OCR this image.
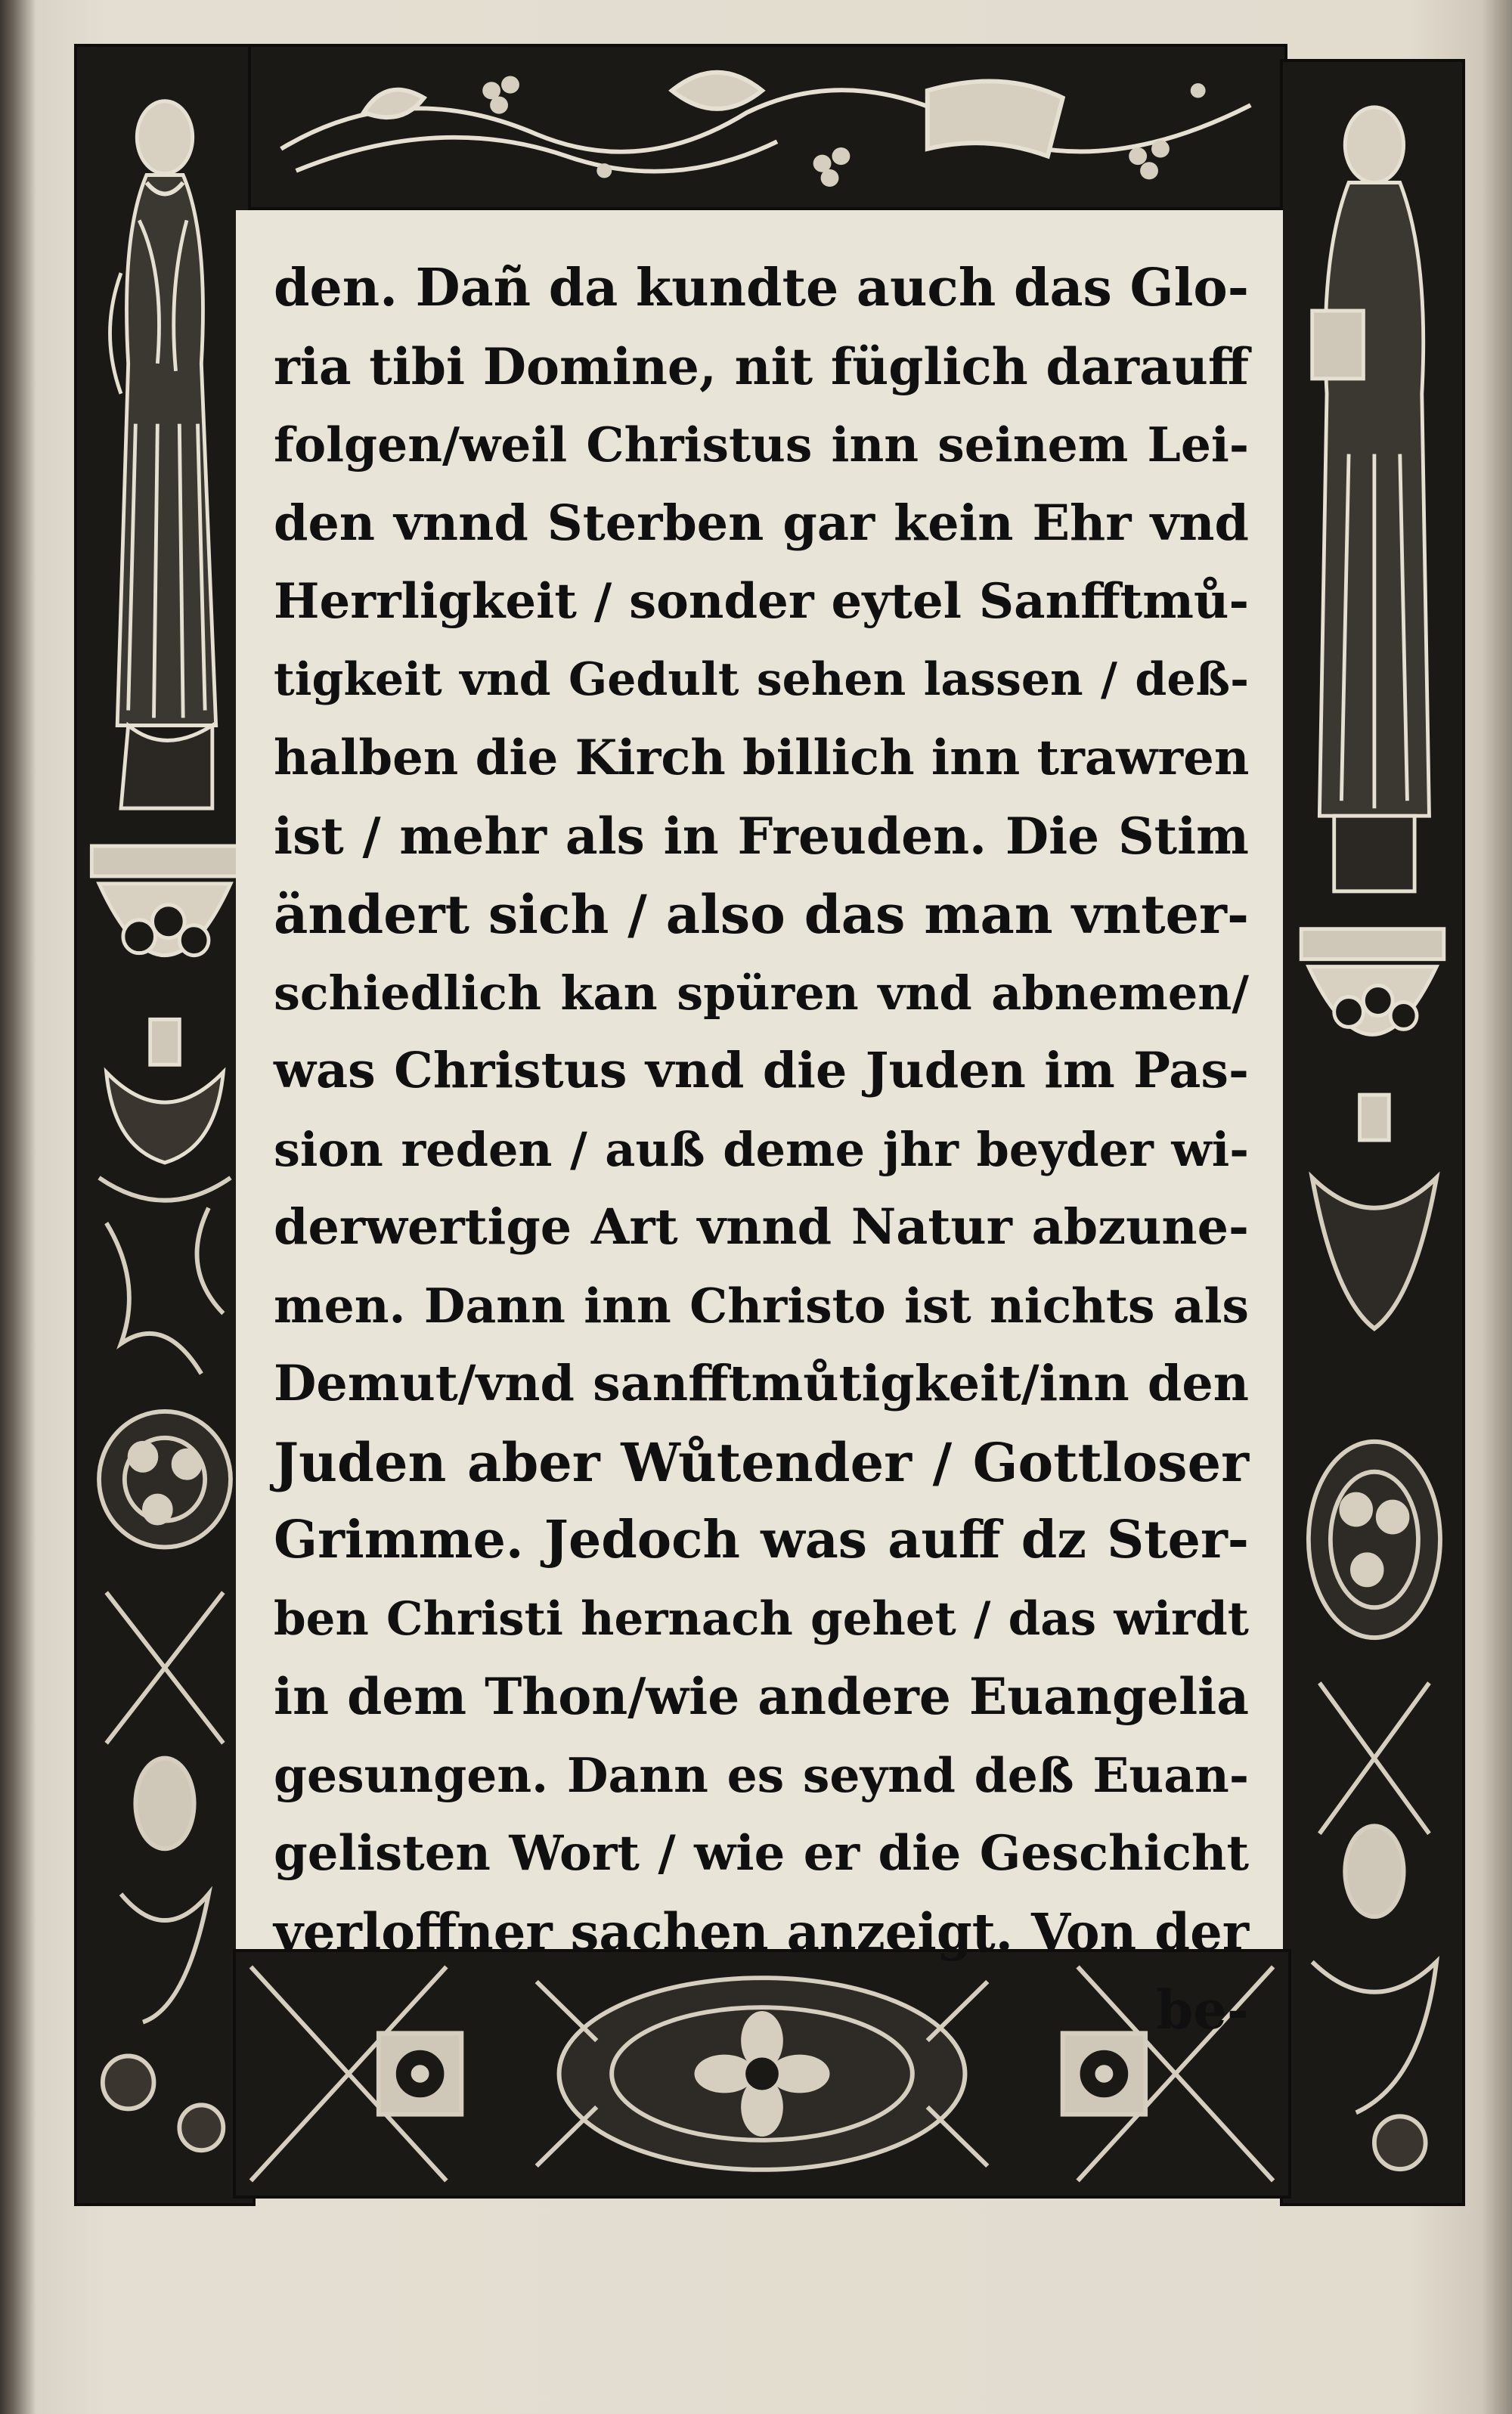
den. Dañ da kundte auch das Glo-
ria tibi Domine, nit füglich darauff
folgen/weil Christus inn seinem Lei-
den vnnd Sterben gar kein Ehr vnd
Herrligkeit / sonder eytel Sanfftmů-
tigkeit vnd Gedult sehen lassen / deß-
halben die Kirch billich inn trawren
ist / mehr als in Freuden. Die Stim
ändert sich / also das man vnter-
schiedlich kan spüren vnd abnemen/
was Christus vnd die Juden im Pas-
sion reden / auß deme jhr beyder wi-
derwertige Art vnnd Natur abzune-
men. Dann inn Christo ist nichts als
Demut/vnd sanfftmůtigkeit/inn den
Juden aber Wůtender / Gottloser
Grimme. Jedoch was auff dz Ster-
ben Christi hernach gehet / das wirdt
in dem Thon/wie andere Euangelia
gesungen. Dann es seynd deß Euan-
gelisten Wort / wie er die Geschicht
verloffner sachen anzeigt. Von der
be-
